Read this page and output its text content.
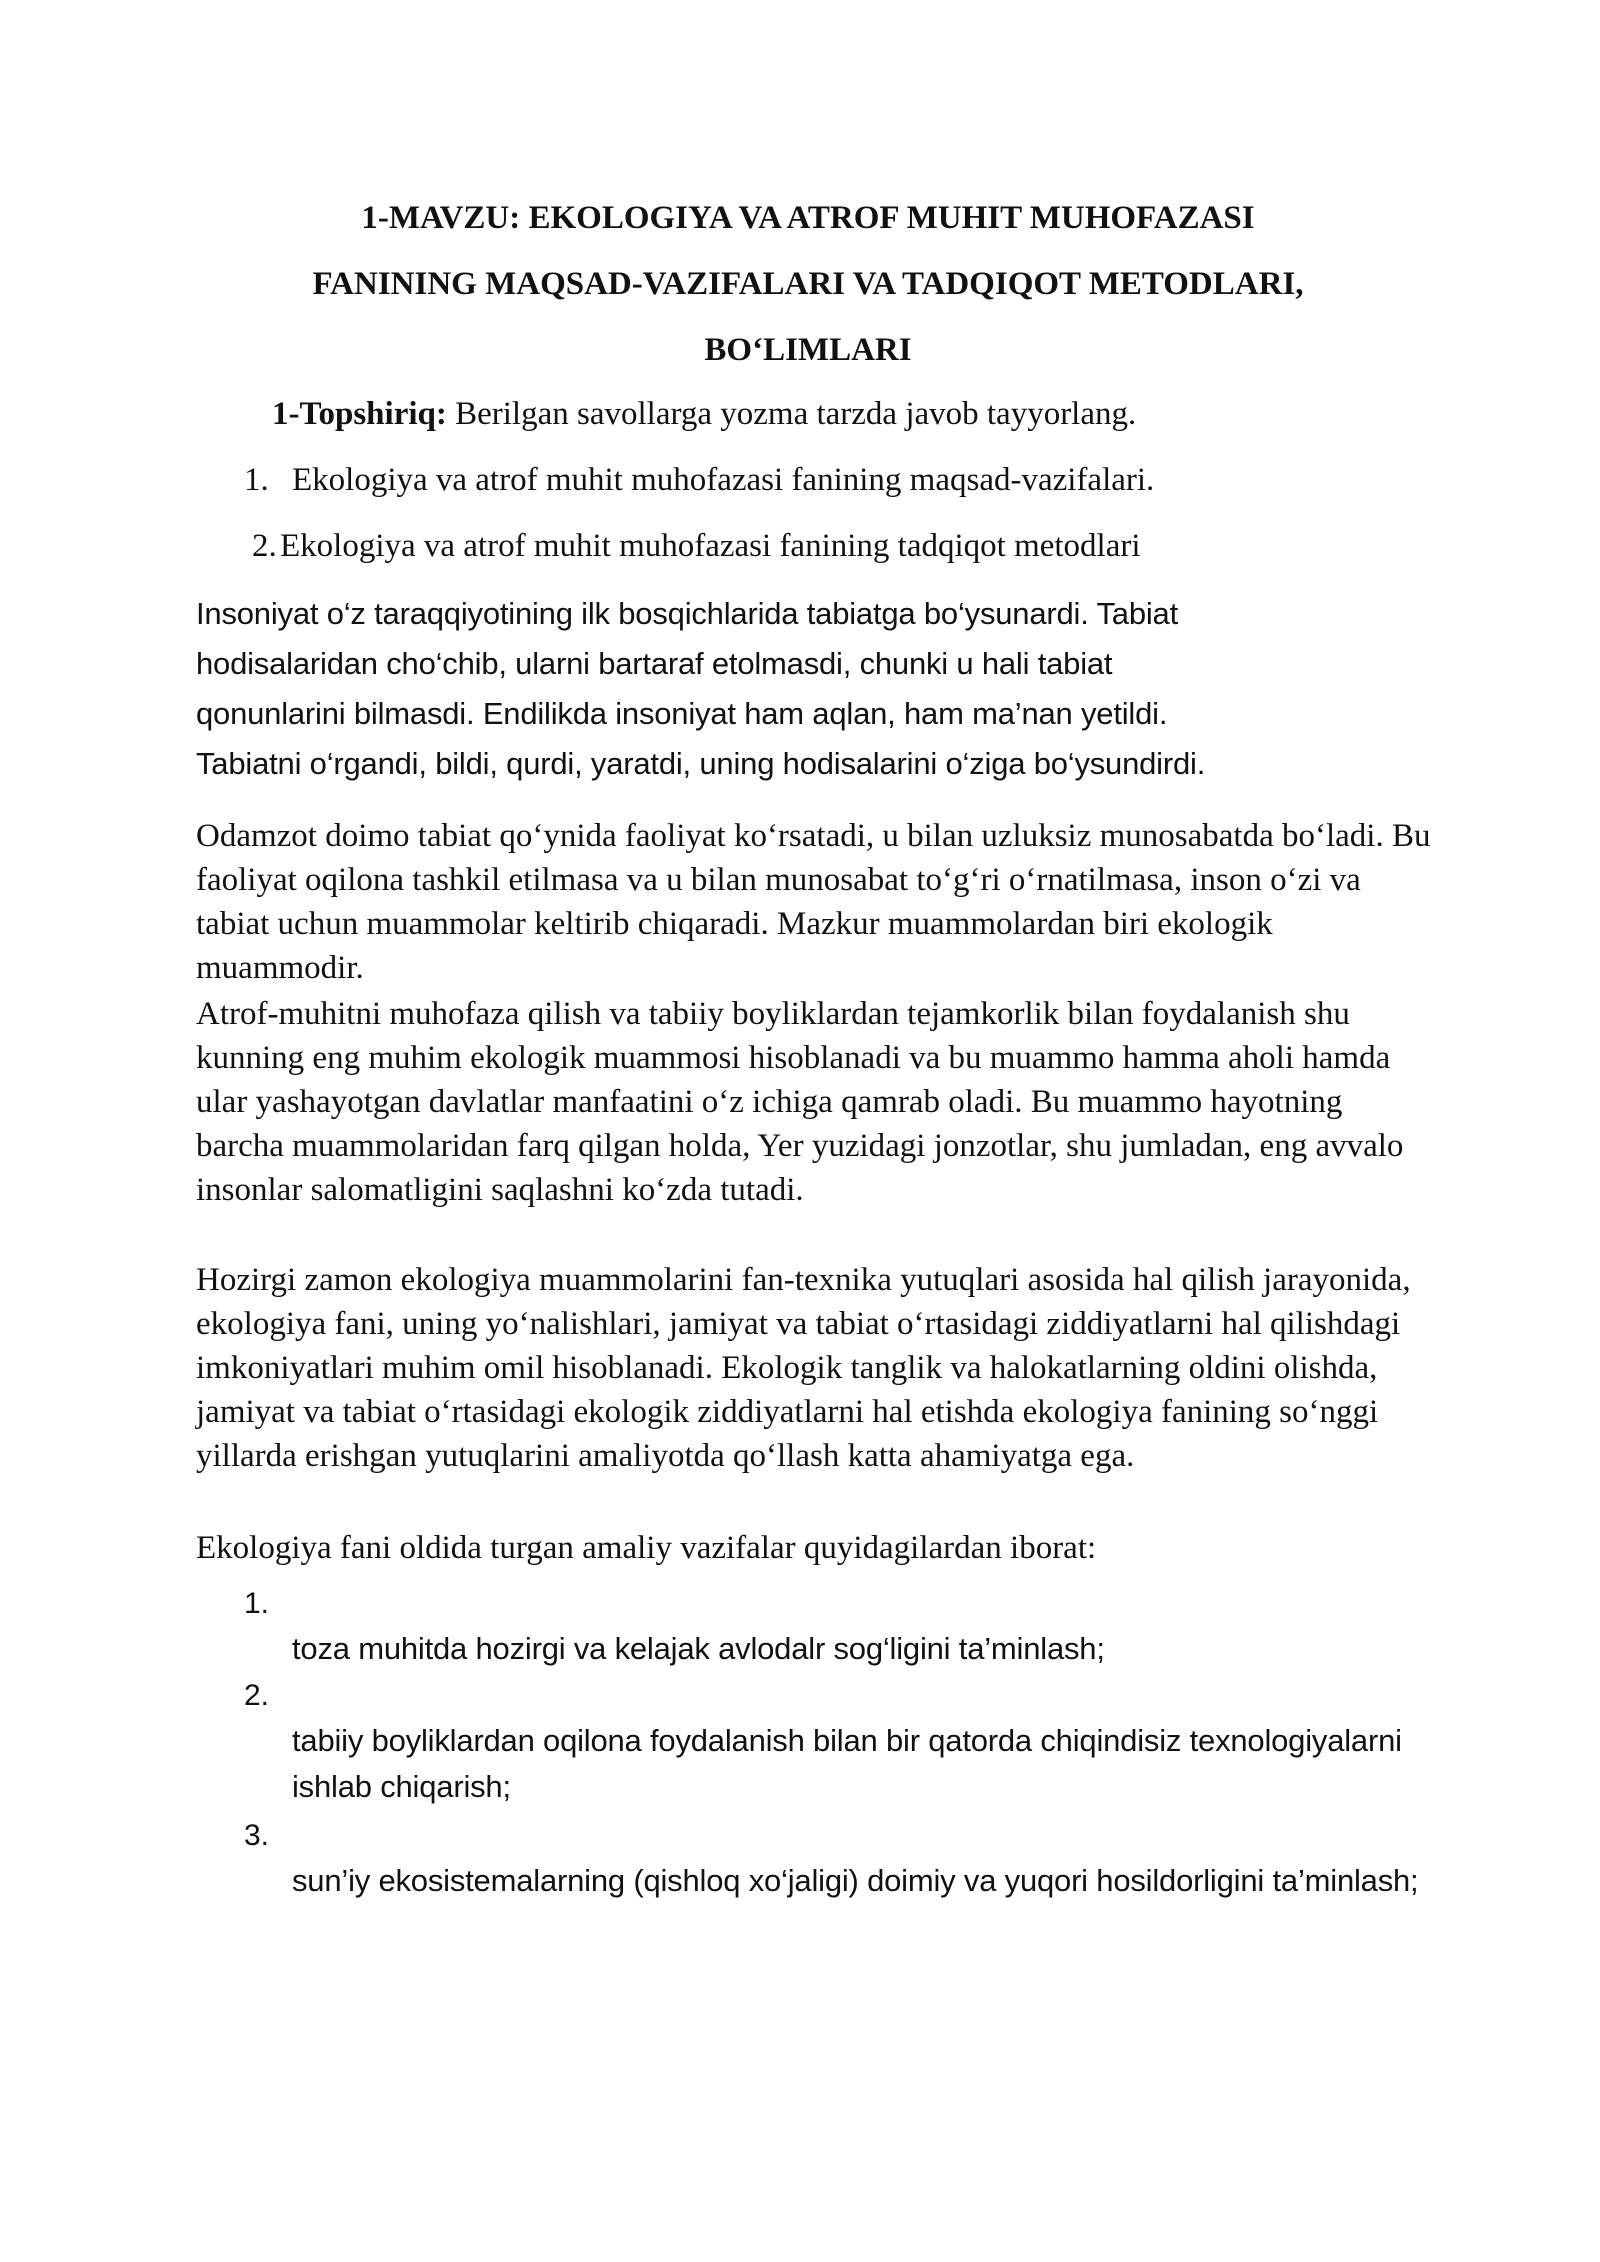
1-MAVZU: EKOLOGIYA VA ATROF MUHIT MUHOFAZASI
FANINING MAQSAD-VAZIFALARI VA TADQIQOT METODLARI,
BO‘LIMLARI
1-Topshiriq: Berilgan savollarga yozma tarzda javob tayyorlang.
1. Ekologiya va atrof muhit muhofazasi fanining maqsad-vazifalari.
2. Ekologiya va atrof muhit muhofazasi fanining tadqiqot metodlari
Insoniyat o‘z taraqqiyotining ilk bosqichlarida tabiatga bo‘ysunardi. Tabiat
hodisalaridan cho‘chib, ularni bartaraf etolmasdi, chunki u hali tabiat
qonunlarini bilmasdi. Endilikda insoniyat ham aqlan, ham ma’nan yetildi.
Tabiatni o‘rgandi, bildi, qurdi, yaratdi, uning hodisalarini o‘ziga bo‘ysundirdi.

Odamzot doimo tabiat qo‘ynida faoliyat ko‘rsatadi, u bilan uzluksiz munosabatda bo‘ladi. Bu faoliyat oqilona tashkil etilmasa va u bilan munosabat to‘g‘ri o‘rnatilmasa, inson o‘zi va tabiat uchun muammolar keltirib chiqaradi. Mazkur muammolardan biri ekologik muammodir.

Atrof-muhitni muhofaza qilish va tabiiy boyliklardan tejamkorlik bilan foydalanish shu kunning eng muhim ekologik muammosi hisoblanadi va bu muammo hamma aholi hamda ular yashayotgan davlatlar manfaatini o‘z ichiga qamrab oladi. Bu muammo hayotning barcha muammolaridan farq qilgan holda, Yer yuzidagi jonzotlar, shu jumladan, eng avvalo insonlar salomatligini saqlashni ko‘zda tutadi.

Hozirgi zamon ekologiya muammolarini fan-texnika yutuqlari asosida hal qilish jarayonida, ekologiya fani, uning yo‘nalishlari, jamiyat va tabiat o‘rtasidagi ziddiyatlarni hal qilishdagi imkoniyatlari muhim omil hisoblanadi. Ekologik tanglik va halokatlarning oldini olishda, jamiyat va tabiat o‘rtasidagi ekologik ziddiyatlarni hal etishda ekologiya fanining so‘nggi yillarda erishgan yutuqlarini amaliyotda qo‘llash katta ahamiyatga ega.

Ekologiya fani oldida turgan amaliy vazifalar quyidagilardan iborat:

1.

toza muhitda hozirgi va kelajak avlodalr sog‘ligini ta’minlash;

2.

tabiiy boyliklardan oqilona foydalanish bilan bir qatorda chiqindisiz texnologiyalarni ishlab chiqarish;

3.

sun’iy ekosistemalarning (qishloq xo‘jaligi) doimiy va yuqori hosildorligini ta’minlash;
